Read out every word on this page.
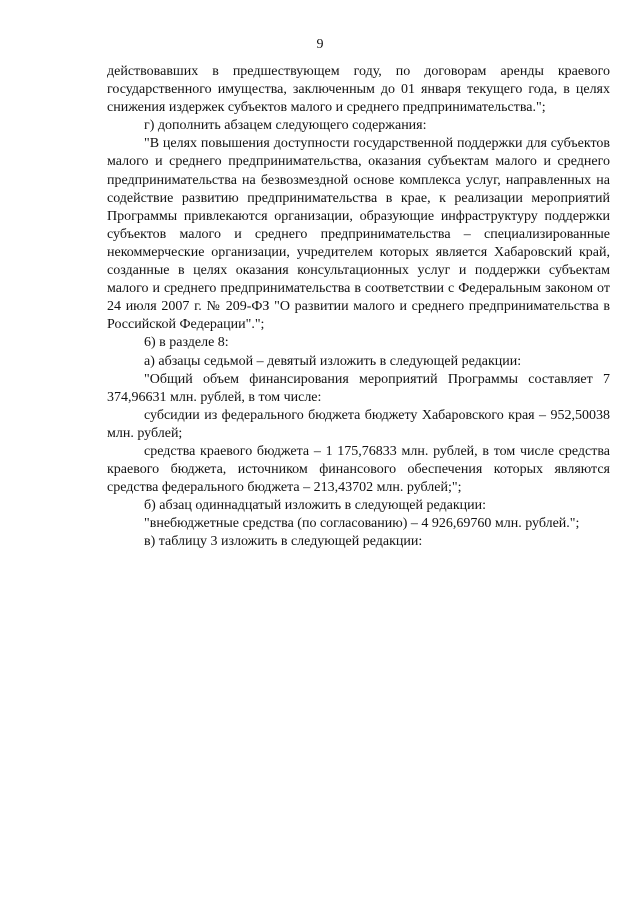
9

действовавших в предшествующем году, по договорам аренды краевого государственного имущества, заключенным до 01 января текущего года, в целях снижения издержек субъектов малого и среднего предпринимательства.";

г) дополнить абзацем следующего содержания:

"В целях повышения доступности государственной поддержки для субъектов малого и среднего предпринимательства, оказания субъектам малого и среднего предпринимательства на безвозмездной основе комплекса услуг, направленных на содействие развитию предпринимательства в крае, к реализации мероприятий Программы привлекаются организации, образующие инфраструктуру поддержки субъектов малого и среднего предпринимательства – специализированные некоммерческие организации, учредителем которых является Хабаровский край, созданные в целях оказания консультационных услуг и поддержки субъектам малого и среднего предпринимательства в соответствии с Федеральным законом от 24 июля 2007 г. № 209-ФЗ "О развитии малого и среднего предпринимательства в Российской Федерации".";

6) в разделе 8:

а) абзацы седьмой – девятый изложить в следующей редакции:

"Общий объем финансирования мероприятий Программы составляет 7 374,96631 млн. рублей, в том числе:

субсидии из федерального бюджета бюджету Хабаровского края – 952,50038 млн. рублей;

средства краевого бюджета – 1 175,76833 млн. рублей, в том числе средства краевого бюджета, источником финансового обеспечения которых являются средства федерального бюджета – 213,43702 млн. рублей;";

б) абзац одиннадцатый изложить в следующей редакции:

"внебюджетные средства (по согласованию) – 4 926,69760 млн. рублей.";

в) таблицу 3 изложить в следующей редакции:
